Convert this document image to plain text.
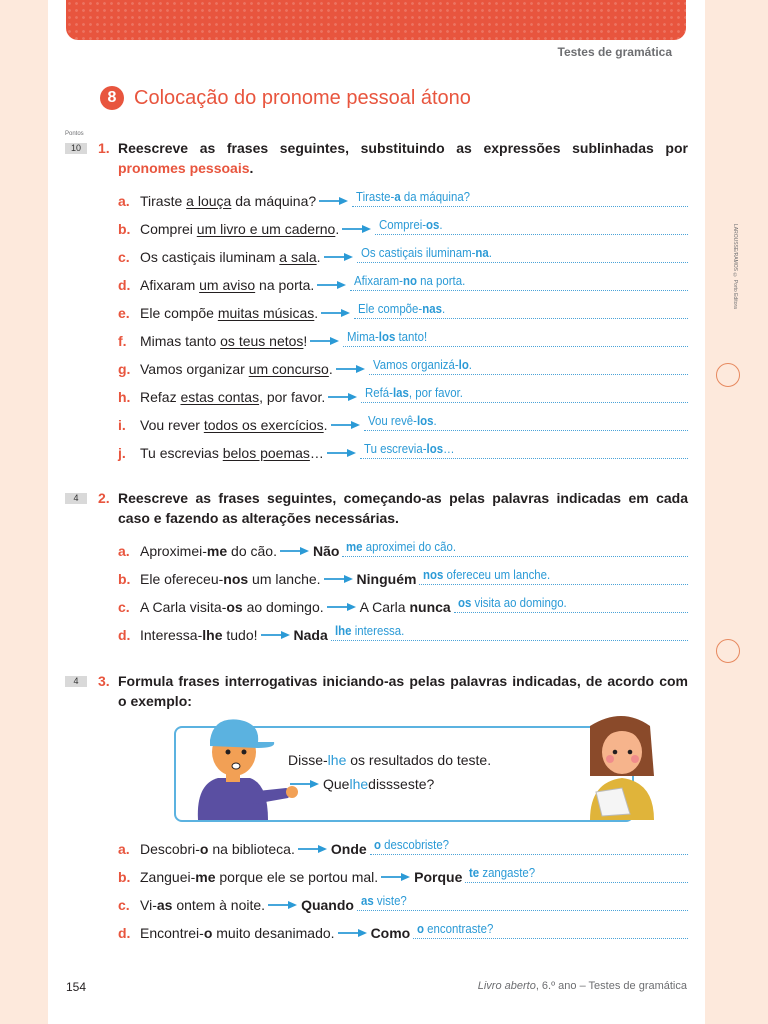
Testes de gramática
8 Colocação do pronome pessoal átono
Pontos
LAROUSSE/RAMOS © Porto Editora
10	1. Reescreve as frases seguintes, substituindo as expressões sublinhadas por pronomes pessoais.
a. Tiraste a louça da máquina?	Tiraste-a da máquina?
b. Comprei um livro e um caderno.	Comprei-os.
c. Os castiçais iluminam a sala.	Os castiçais iluminam-na.
d. Afixaram um aviso na porta.	Afixaram-no na porta.
e. Ele compõe muitas músicas.	Ele compõe-nas.
f. Mimas tanto os teus netos!	Mima-los tanto!
g. Vamos organizar um concurso.	Vamos organizá-lo.
h. Refaz estas contas, por favor.	Refá-las, por favor.
i.	Vou rever todos os exercícios.	Vou revê-los.
j.	Tu escrevias belos poemas…	Tu escrevia-los…
4	2. Reescreve as frases seguintes, começando-as pelas palavras indicadas em cada caso e fazendo as alterações necessárias.
a. Aproximei-me do cão.	Não me aproximei do cão.
b. Ele ofereceu-nos um lanche.	Ninguém nos ofereceu um lanche.
c. A Carla visita-os ao domingo.	A Carla nunca os visita ao domingo.
d. Interessa-lhe tudo!	Nada lhe interessa.
4	3. Formula frases interrogativas iniciando-as pelas palavras indicadas, de acordo com o exemplo:
Disse-lhe os resultados do teste.
Que lhe dissseste?
a. Descobri-o na biblioteca.	Onde o descobriste?
b. Zanguei-me porque ele se portou mal.	Porque te zangaste?
c. Vi-as ontem à noite.	Quando as viste?
d. Encontrei-o muito desanimado.	Como o encontraste?
154	Livro aberto, 6.º ano – Testes de gramática
